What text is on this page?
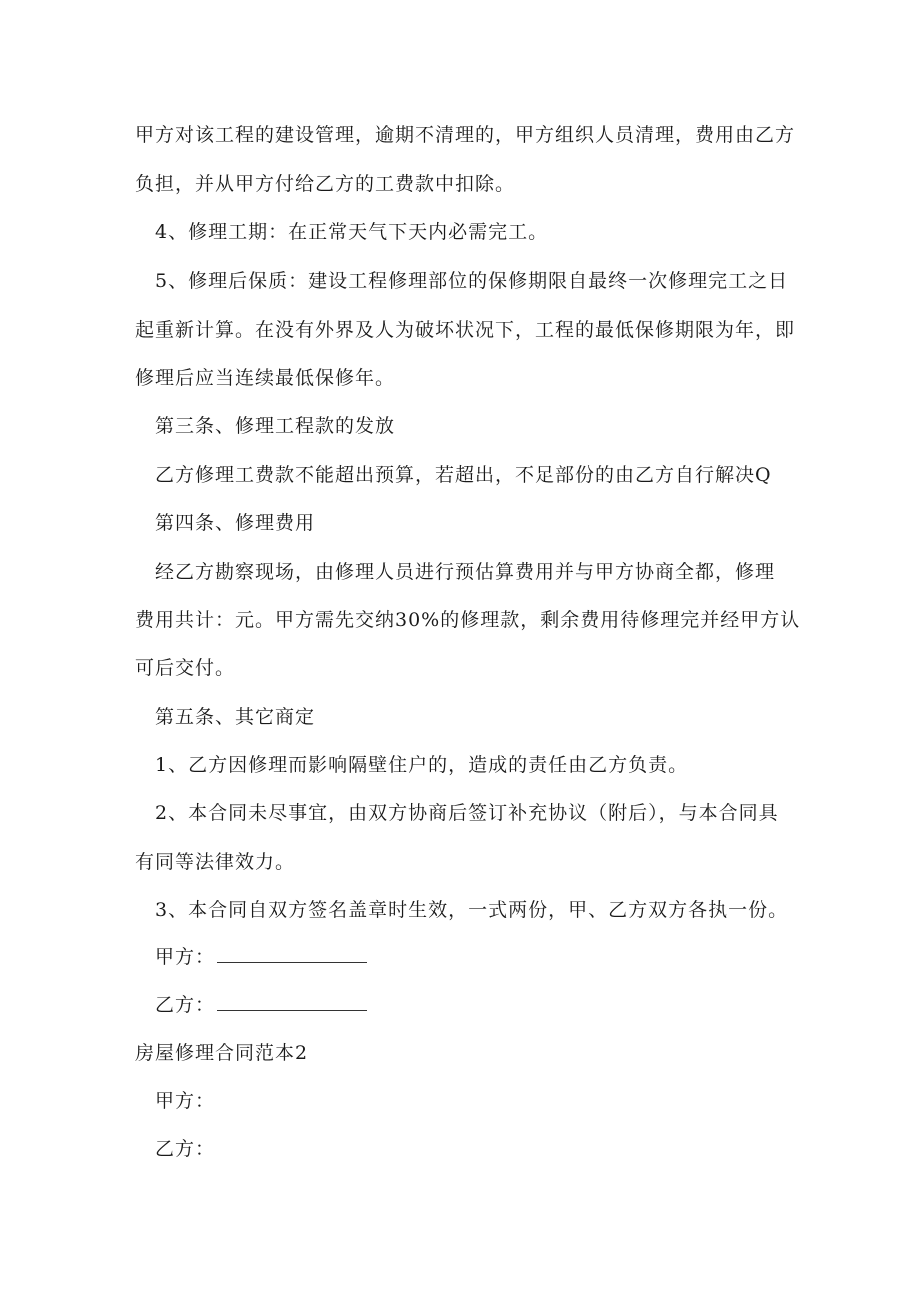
甲方对该工程的建设管理，逾期不清理的，甲方组织人员清理，费用由乙方
负担，并从甲方付给乙方的工费款中扣除。
4、修理工期：在正常天气下天内必需完工。
5、修理后保质：建设工程修理部位的保修期限自最终一次修理完工之日
起重新计算。在没有外界及人为破坏状况下，工程的最低保修期限为年，即
修理后应当连续最低保修年。
第三条、修理工程款的发放
乙方修理工费款不能超出预算，若超出，不足部份的由乙方自行解决Q
第四条、修理费用
经乙方勘察现场，由修理人员进行预估算费用并与甲方协商全都，修理
费用共计：元。甲方需先交纳30%的修理款，剩余费用待修理完并经甲方认
可后交付。
第五条、其它商定
1、乙方因修理而影响隔壁住户的，造成的责任由乙方负责。
2、本合同未尽事宜，由双方协商后签订补充协议（附后），与本合同具
有同等法律效力。
3、本合同自双方签名盖章时生效，一式两份，甲、乙方双方各执一份。
甲方：
乙方：
房屋修理合同范本2
甲方：
乙方：
